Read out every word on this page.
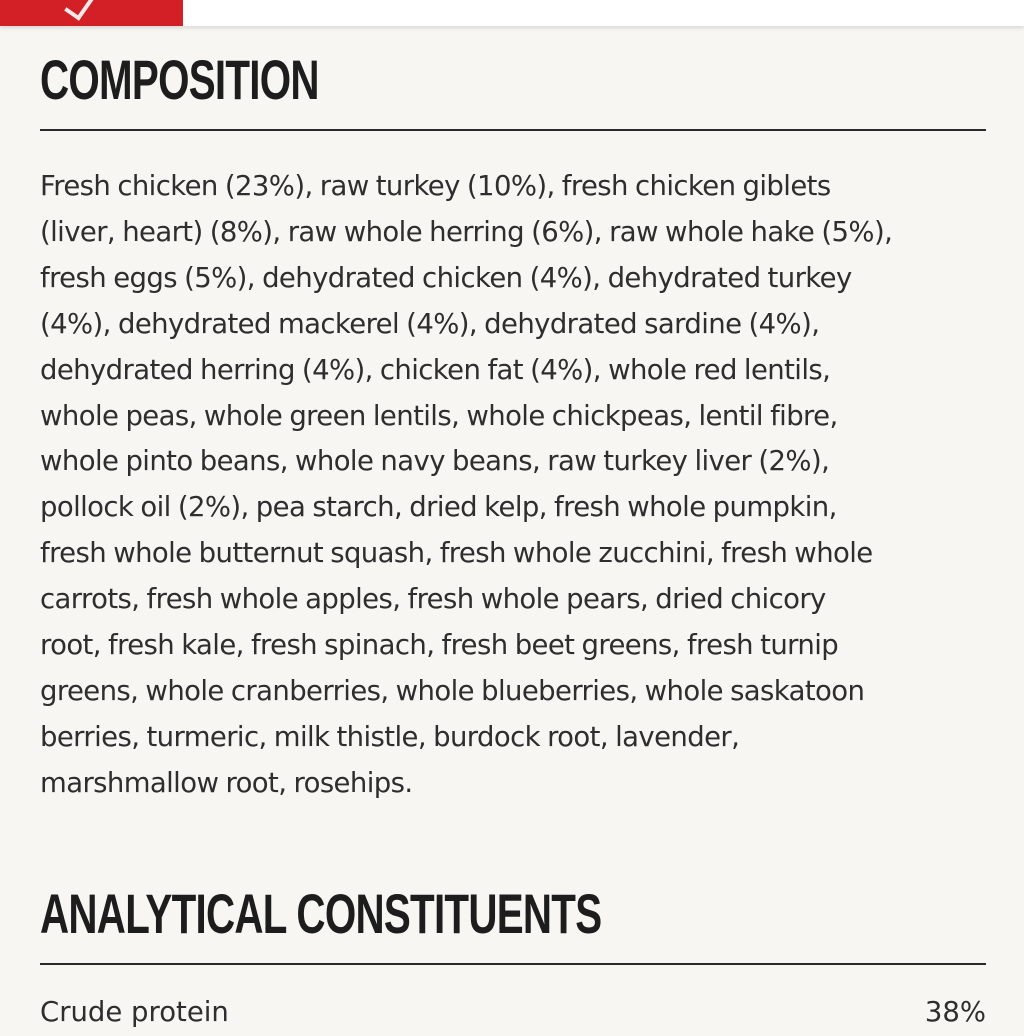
COMPOSITION

Fresh chicken (23%), raw turkey (10%), fresh chicken giblets
(liver, heart) (8%), raw whole herring (6%), raw whole hake (5%),
fresh eggs (5%), dehydrated chicken (4%), dehydrated turkey
(4%), dehydrated mackerel (4%), dehydrated sardine (4%),
dehydrated herring (4%), chicken fat (4%), whole red lentils,
whole peas, whole green lentils, whole chickpeas, lentil fibre,
whole pinto beans, whole navy beans, raw turkey liver (2%),
pollock oil (2%), pea starch, dried kelp, fresh whole pumpkin,
fresh whole butternut squash, fresh whole zucchini, fresh whole
carrots, fresh whole apples, fresh whole pears, dried chicory
root, fresh kale, fresh spinach, fresh beet greens, fresh turnip
greens, whole cranberries, whole blueberries, whole saskatoon
berries, turmeric, milk thistle, burdock root, lavender,
marshmallow root, rosehips.

ANALYTICAL CONSTITUENTS
Crude protein	38%
